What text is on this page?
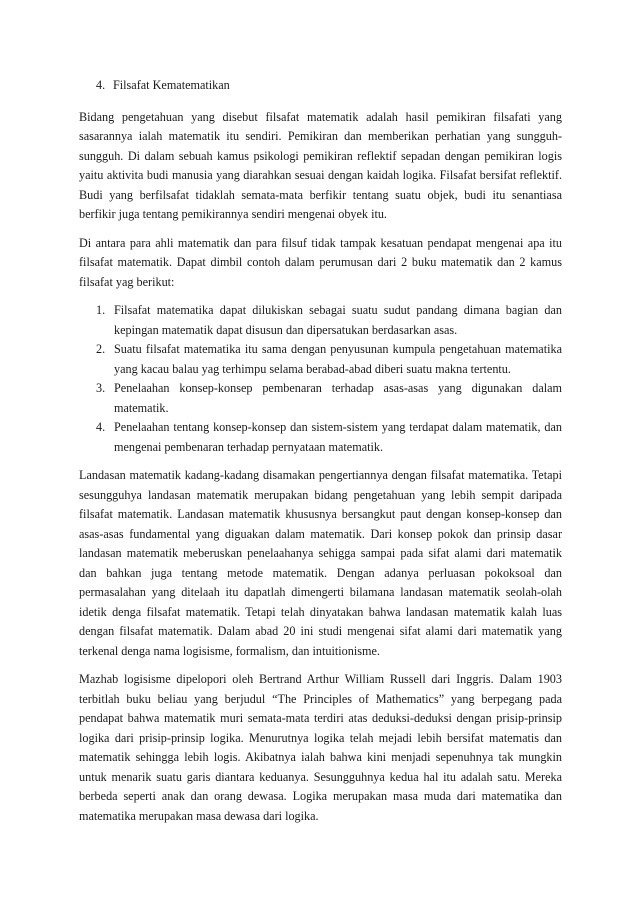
4. Filsafat Kematematikan

Bidang pengetahuan yang disebut filsafat matematik adalah hasil pemikiran filsafati yang sasarannya ialah matematik itu sendiri. Pemikiran dan memberikan perhatian yang sungguh-sungguh. Di dalam sebuah kamus psikologi pemikiran reflektif sepadan dengan pemikiran logis yaitu aktivita budi manusia yang diarahkan sesuai dengan kaidah logika. Filsafat bersifat reflektif. Budi yang berfilsafat tidaklah semata-mata berfikir tentang suatu objek, budi itu senantiasa berfikir juga tentang pemikirannya sendiri mengenai obyek itu.

Di antara para ahli matematik dan para filsuf tidak tampak kesatuan pendapat mengenai apa itu filsafat matematik. Dapat dimbil contoh dalam perumusan dari 2 buku matematik dan 2 kamus filsafat yag berikut:

1. Filsafat matematika dapat dilukiskan sebagai suatu sudut pandang dimana bagian dan kepingan matematik dapat disusun dan dipersatukan berdasarkan asas.
2. Suatu filsafat matematika itu sama dengan penyusunan kumpula pengetahuan matematika yang kacau balau yag terhimpu selama berabad-abad diberi suatu makna tertentu.
3. Penelaahan konsep-konsep pembenaran terhadap asas-asas yang digunakan dalam matematik.
4. Penelaahan tentang konsep-konsep dan sistem-sistem yang terdapat dalam matematik, dan mengenai pembenaran terhadap pernyataan matematik.

Landasan matematik kadang-kadang disamakan pengertiannya dengan filsafat matematika. Tetapi sesungguhya landasan matematik merupakan bidang pengetahuan yang lebih sempit daripada filsafat matematik. Landasan matematik khususnya bersangkut paut dengan konsep-konsep dan asas-asas fundamental yang diguakan dalam matematik. Dari konsep pokok dan prinsip dasar landasan matematik meberuskan penelaahanya sehigga sampai pada sifat alami dari matematik dan bahkan juga tentang metode matematik. Dengan adanya perluasan pokoksoal dan permasalahan yang ditelaah itu dapatlah dimengerti bilamana landasan matematik seolah-olah idetik denga filsafat matematik. Tetapi telah dinyatakan bahwa landasan matematik kalah luas dengan filsafat matematik. Dalam abad 20 ini studi mengenai sifat alami dari matematik yang terkenal denga nama logisisme, formalism, dan intuitionisme.

Mazhab logisisme dipelopori oleh Bertrand Arthur William Russell dari Inggris. Dalam 1903 terbitlah buku beliau yang berjudul “The Principles of Mathematics” yang berpegang pada pendapat bahwa matematik muri semata-mata terdiri atas deduksi-deduksi dengan prisip-prinsip logika dari prisip-prinsip logika. Menurutnya logika telah mejadi lebih bersifat matematis dan matematik sehingga lebih logis. Akibatnya ialah bahwa kini menjadi sepenuhnya tak mungkin untuk menarik suatu garis diantara keduanya. Sesungguhnya kedua hal itu adalah satu. Mereka berbeda seperti anak dan orang dewasa. Logika merupakan masa muda dari matematika dan matematika merupakan masa dewasa dari logika.
